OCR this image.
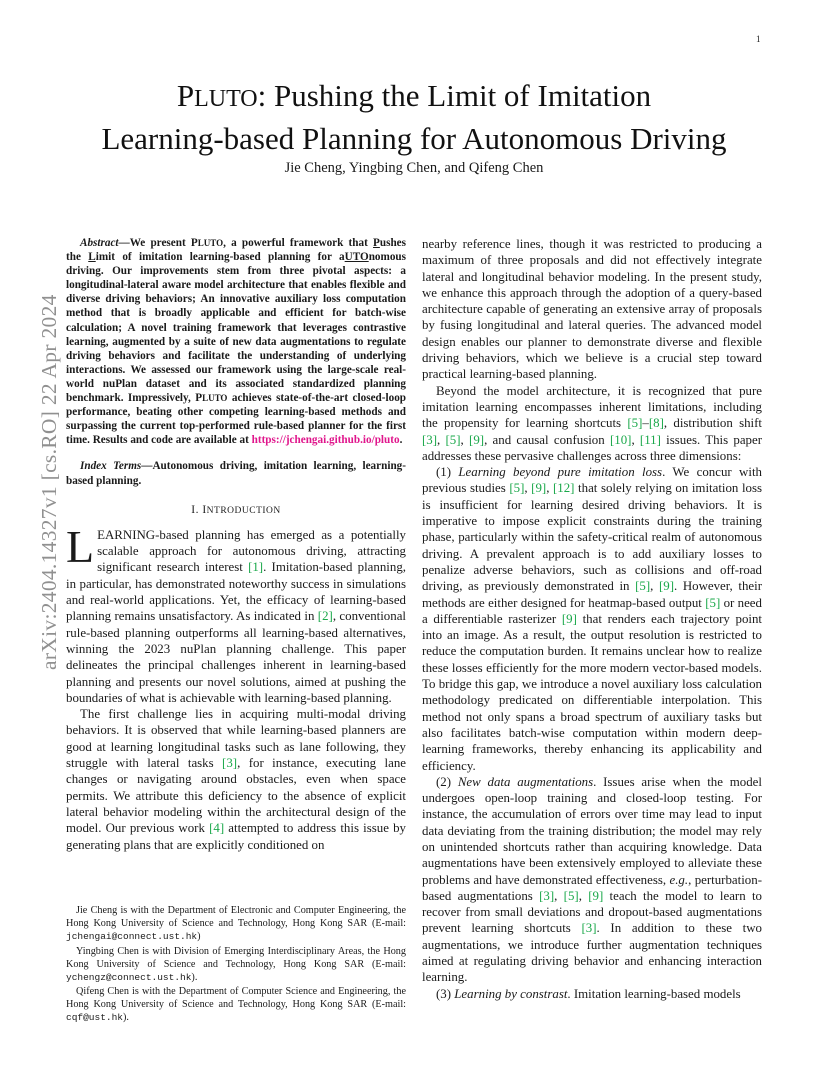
1
arXiv:2404.14327v1 [cs.RO] 22 Apr 2024
PLUTO: Pushing the Limit of Imitation
Learning-based Planning for Autonomous Driving
Jie Cheng, Yingbing Chen, and Qifeng Chen

Abstract—We present PLUTO, a powerful framework that Pushes the Limit of imitation learning-based planning for aUTOnomous driving. Our improvements stem from three pivotal aspects: a longitudinal-lateral aware model architecture that enables flexible and diverse driving behaviors; An innovative auxiliary loss computation method that is broadly applicable and efficient for batch-wise calculation; A novel training framework that leverages contrastive learning, augmented by a suite of new data augmentations to regulate driving behaviors and facilitate the understanding of underlying interactions. We assessed our framework using the large-scale real-world nuPlan dataset and its associated standardized planning benchmark. Impressively, PLUTO achieves state-of-the-art closed-loop performance, beating other competing learning-based methods and surpassing the current top-performed rule-based planner for the first time. Results and code are available at https://jchengai.github.io/pluto.

Index Terms—Autonomous driving, imitation learning, learning-based planning.

I. INTRODUCTION

LEARNING-based planning has emerged as a potentially scalable approach for autonomous driving, attracting significant research interest [1]. Imitation-based planning, in particular, has demonstrated noteworthy success in simulations and real-world applications. Yet, the efficacy of learning-based planning remains unsatisfactory. As indicated in [2], conventional rule-based planning outperforms all learning-based alternatives, winning the 2023 nuPlan planning challenge. This paper delineates the principal challenges inherent in learning-based planning and presents our novel solutions, aimed at pushing the boundaries of what is achievable with learning-based planning.

The first challenge lies in acquiring multi-modal driving behaviors. It is observed that while learning-based planners are good at learning longitudinal tasks such as lane following, they struggle with lateral tasks [3], for instance, executing lane changes or navigating around obstacles, even when space permits. We attribute this deficiency to the absence of explicit lateral behavior modeling within the architectural design of the model. Our previous work [4] attempted to address this issue by generating plans that are explicitly conditioned on

Jie Cheng is with the Department of Electronic and Computer Engineering, the Hong Kong University of Science and Technology, Hong Kong SAR (E-mail: jchengai@connect.ust.hk)

Yingbing Chen is with Division of Emerging Interdisciplinary Areas, the Hong Kong University of Science and Technology, Hong Kong SAR (E-mail: ychengz@connect.ust.hk).

Qifeng Chen is with the Department of Computer Science and Engineering, the Hong Kong University of Science and Technology, Hong Kong SAR (E-mail: cqf@ust.hk).

nearby reference lines, though it was restricted to producing a maximum of three proposals and did not effectively integrate lateral and longitudinal behavior modeling. In the present study, we enhance this approach through the adoption of a query-based architecture capable of generating an extensive array of proposals by fusing longitudinal and lateral queries. The advanced model design enables our planner to demonstrate diverse and flexible driving behaviors, which we believe is a crucial step toward practical learning-based planning.

Beyond the model architecture, it is recognized that pure imitation learning encompasses inherent limitations, including the propensity for learning shortcuts [5]–[8], distribution shift [3], [5], [9], and causal confusion [10], [11] issues. This paper addresses these pervasive challenges across three dimensions:

(1) Learning beyond pure imitation loss. We concur with previous studies [5], [9], [12] that solely relying on imitation loss is insufficient for learning desired driving behaviors. It is imperative to impose explicit constraints during the training phase, particularly within the safety-critical realm of autonomous driving. A prevalent approach is to add auxiliary losses to penalize adverse behaviors, such as collisions and off-road driving, as previously demonstrated in [5], [9]. However, their methods are either designed for heatmap-based output [5] or need a differentiable rasterizer [9] that renders each trajectory point into an image. As a result, the output resolution is restricted to reduce the computation burden. It remains unclear how to realize these losses efficiently for the more modern vector-based models. To bridge this gap, we introduce a novel auxiliary loss calculation methodology predicated on differentiable interpolation. This method not only spans a broad spectrum of auxiliary tasks but also facilitates batch-wise computation within modern deep-learning frameworks, thereby enhancing its applicability and efficiency.

(2) New data augmentations. Issues arise when the model undergoes open-loop training and closed-loop testing. For instance, the accumulation of errors over time may lead to input data deviating from the training distribution; the model may rely on unintended shortcuts rather than acquiring knowledge. Data augmentations have been extensively employed to alleviate these problems and have demonstrated effectiveness, e.g., perturbation-based augmentations [3], [5], [9] teach the model to learn to recover from small deviations and dropout-based augmentations prevent learning shortcuts [3]. In addition to these two augmentations, we introduce further augmentation techniques aimed at regulating driving behavior and enhancing interaction learning.

(3) Learning by constrast. Imitation learning-based models
